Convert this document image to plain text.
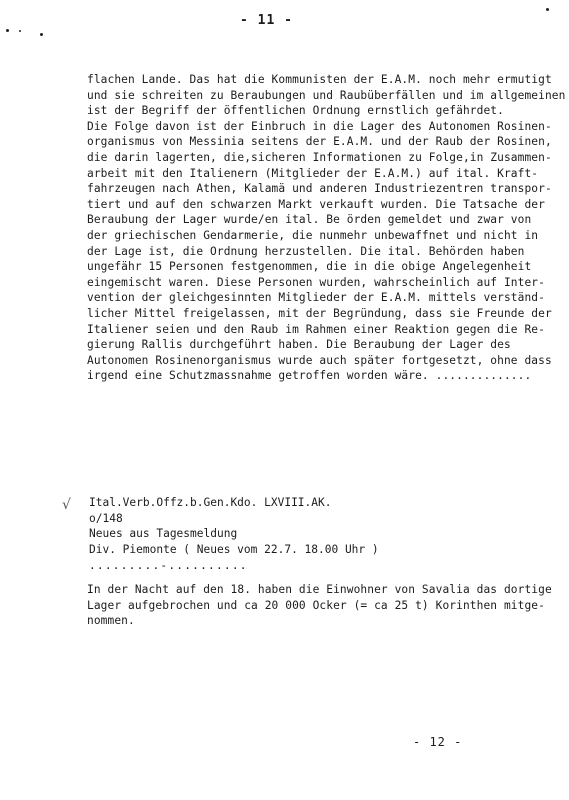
- 11 -
flachen Lande. Das hat die Kommunisten der E.A.M. noch mehr ermutigt
und sie schreiten zu Beraubungen und Raubüberfällen und im allgemeinen
ist der Begriff der öffentlichen Ordnung ernstlich gefährdet.
Die Folge davon ist der Einbruch in die Lager des Autonomen Rosinen-
organismus von Messinia seitens der E.A.M. und der Raub der Rosinen,
die darin lagerten, die,sicheren Informationen zu Folge,in Zusammen-
arbeit mit den Italienern (Mitglieder der E.A.M.) auf ital. Kraft-
fahrzeugen nach Athen, Kalamä und anderen Industriezentren transpor-
tiert und auf den schwarzen Markt verkauft wurden. Die Tatsache der
Beraubung der Lager wurde/en ital. Be örden gemeldet und zwar von
der griechischen Gendarmerie, die nunmehr unbewaffnet und nicht in
der Lage ist, die Ordnung herzustellen. Die ital. Behörden haben
ungefähr 15 Personen festgenommen, die in die obige Angelegenheit
eingemischt waren. Diese Personen wurden, wahrscheinlich auf Inter-
vention der gleichgesinnten Mitglieder der E.A.M. mittels verständ-
licher Mittel freigelassen, mit der Begründung, dass sie Freunde der
Italiener seien und den Raub im Rahmen einer Reaktion gegen die Re-
gierung Rallis durchgeführt haben. Die Beraubung der Lager des
Autonomen Rosinenorganismus wurde auch später fortgesetzt, ohne dass
irgend eine Schutzmassnahme getroffen worden wäre. ..............
√ Ital.Verb.Offz.b.Gen.Kdo. LXVIII.AK.
o/148
Neues aus Tagesmeldung
Div. Piemonte ( Neues vom 22.7. 18.00 Uhr )
.........-..........
In der Nacht auf den 18. haben die Einwohner von Savalia das dortige
Lager aufgebrochen und ca 20 000 Ocker (= ca 25 t) Korinthen mitge-
nommen.
- 12 -
